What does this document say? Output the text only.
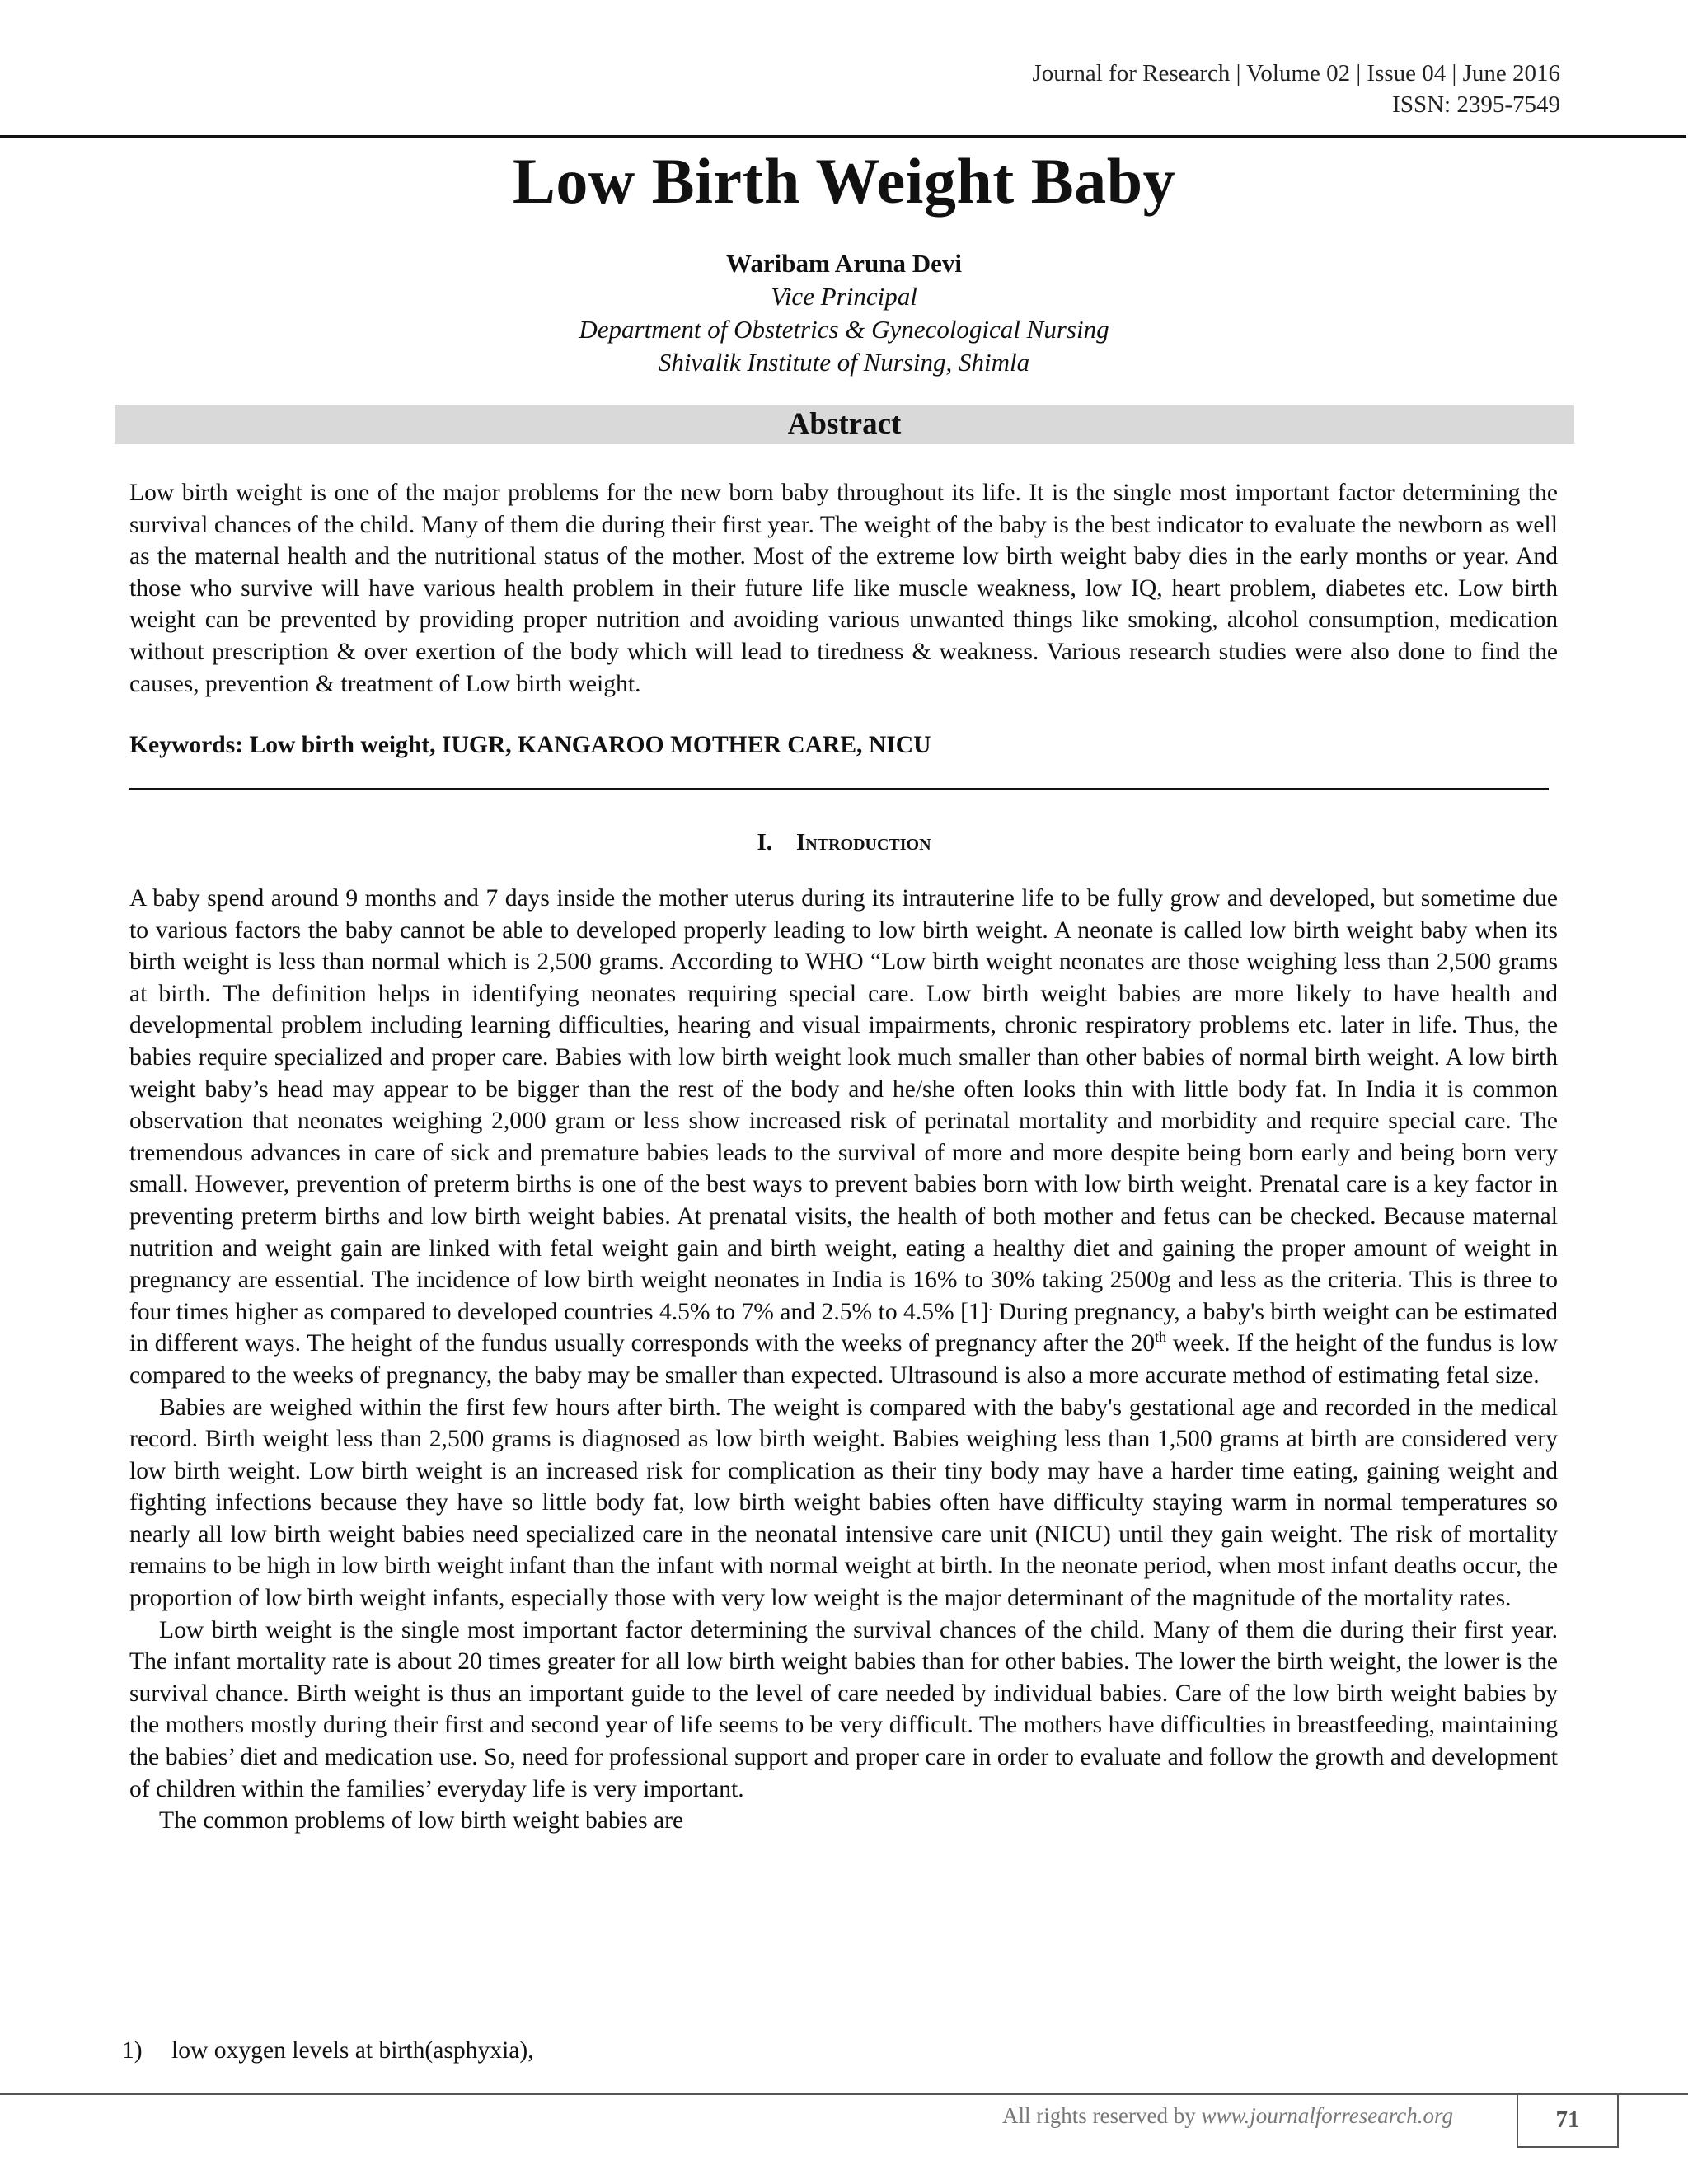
Journal for Research | Volume 02 | Issue 04 | June 2016
ISSN: 2395-7549
Low Birth Weight Baby
Waribam Aruna Devi
Vice Principal
Department of Obstetrics & Gynecological Nursing
Shivalik Institute of Nursing, Shimla
Abstract
Low birth weight is one of the major problems for the new born baby throughout its life. It is the single most important factor determining the survival chances of the child. Many of them die during their first year. The weight of the baby is the best indicator to evaluate the newborn as well as the maternal health and the nutritional status of the mother. Most of the extreme low birth weight baby dies in the early months or year. And those who survive will have various health problem in their future life like muscle weakness, low IQ, heart problem, diabetes etc. Low birth weight can be prevented by providing proper nutrition and avoiding various unwanted things like smoking, alcohol consumption, medication without prescription & over exertion of the body which will lead to tiredness & weakness. Various research studies were also done to find the causes, prevention & treatment of Low birth weight.
Keywords: Low birth weight, IUGR, KANGAROO MOTHER CARE, NICU
I. Introduction

A baby spend around 9 months and 7 days inside the mother uterus during its intrauterine life to be fully grow and developed, but sometime due to various factors the baby cannot be able to developed properly leading to low birth weight. A neonate is called low birth weight baby when its birth weight is less than normal which is 2,500 grams. According to WHO “Low birth weight neonates are those weighing less than 2,500 grams at birth. The definition helps in identifying neonates requiring special care. Low birth weight babies are more likely to have health and developmental problem including learning difficulties, hearing and visual impairments, chronic respiratory problems etc. later in life. Thus, the babies require specialized and proper care. Babies with low birth weight look much smaller than other babies of normal birth weight. A low birth weight baby’s head may appear to be bigger than the rest of the body and he/she often looks thin with little body fat. In India it is common observation that neonates weighing 2,000 gram or less show increased risk of perinatal mortality and morbidity and require special care. The tremendous advances in care of sick and premature babies leads to the survival of more and more despite being born early and being born very small. However, prevention of preterm births is one of the best ways to prevent babies born with low birth weight. Prenatal care is a key factor in preventing preterm births and low birth weight babies. At prenatal visits, the health of both mother and fetus can be checked. Because maternal nutrition and weight gain are linked with fetal weight gain and birth weight, eating a healthy diet and gaining the proper amount of weight in pregnancy are essential. The incidence of low birth weight neonates in India is 16% to 30% taking 2500g and less as the criteria. This is three to four times higher as compared to developed countries 4.5% to 7% and 2.5% to 4.5% [1]. During pregnancy, a baby's birth weight can be estimated in different ways. The height of the fundus usually corresponds with the weeks of pregnancy after the 20th week. If the height of the fundus is low compared to the weeks of pregnancy, the baby may be smaller than expected. Ultrasound is also a more accurate method of estimating fetal size.

Babies are weighed within the first few hours after birth. The weight is compared with the baby's gestational age and recorded in the medical record. Birth weight less than 2,500 grams is diagnosed as low birth weight. Babies weighing less than 1,500 grams at birth are considered very low birth weight. Low birth weight is an increased risk for complication as their tiny body may have a harder time eating, gaining weight and fighting infections because they have so little body fat, low birth weight babies often have difficulty staying warm in normal temperatures so nearly all low birth weight babies need specialized care in the neonatal intensive care unit (NICU) until they gain weight. The risk of mortality remains to be high in low birth weight infant than the infant with normal weight at birth. In the neonate period, when most infant deaths occur, the proportion of low birth weight infants, especially those with very low weight is the major determinant of the magnitude of the mortality rates.

Low birth weight is the single most important factor determining the survival chances of the child. Many of them die during their first year. The infant mortality rate is about 20 times greater for all low birth weight babies than for other babies. The lower the birth weight, the lower is the survival chance. Birth weight is thus an important guide to the level of care needed by individual babies. Care of the low birth weight babies by the mothers mostly during their first and second year of life seems to be very difficult. The mothers have difficulties in breastfeeding, maintaining the babies’ diet and medication use. So, need for professional support and proper care in order to evaluate and follow the growth and development of children within the families’ everyday life is very important.

The common problems of low birth weight babies are

1) low oxygen levels at birth(asphyxia),
All rights reserved by www.journalforresearch.org	71
